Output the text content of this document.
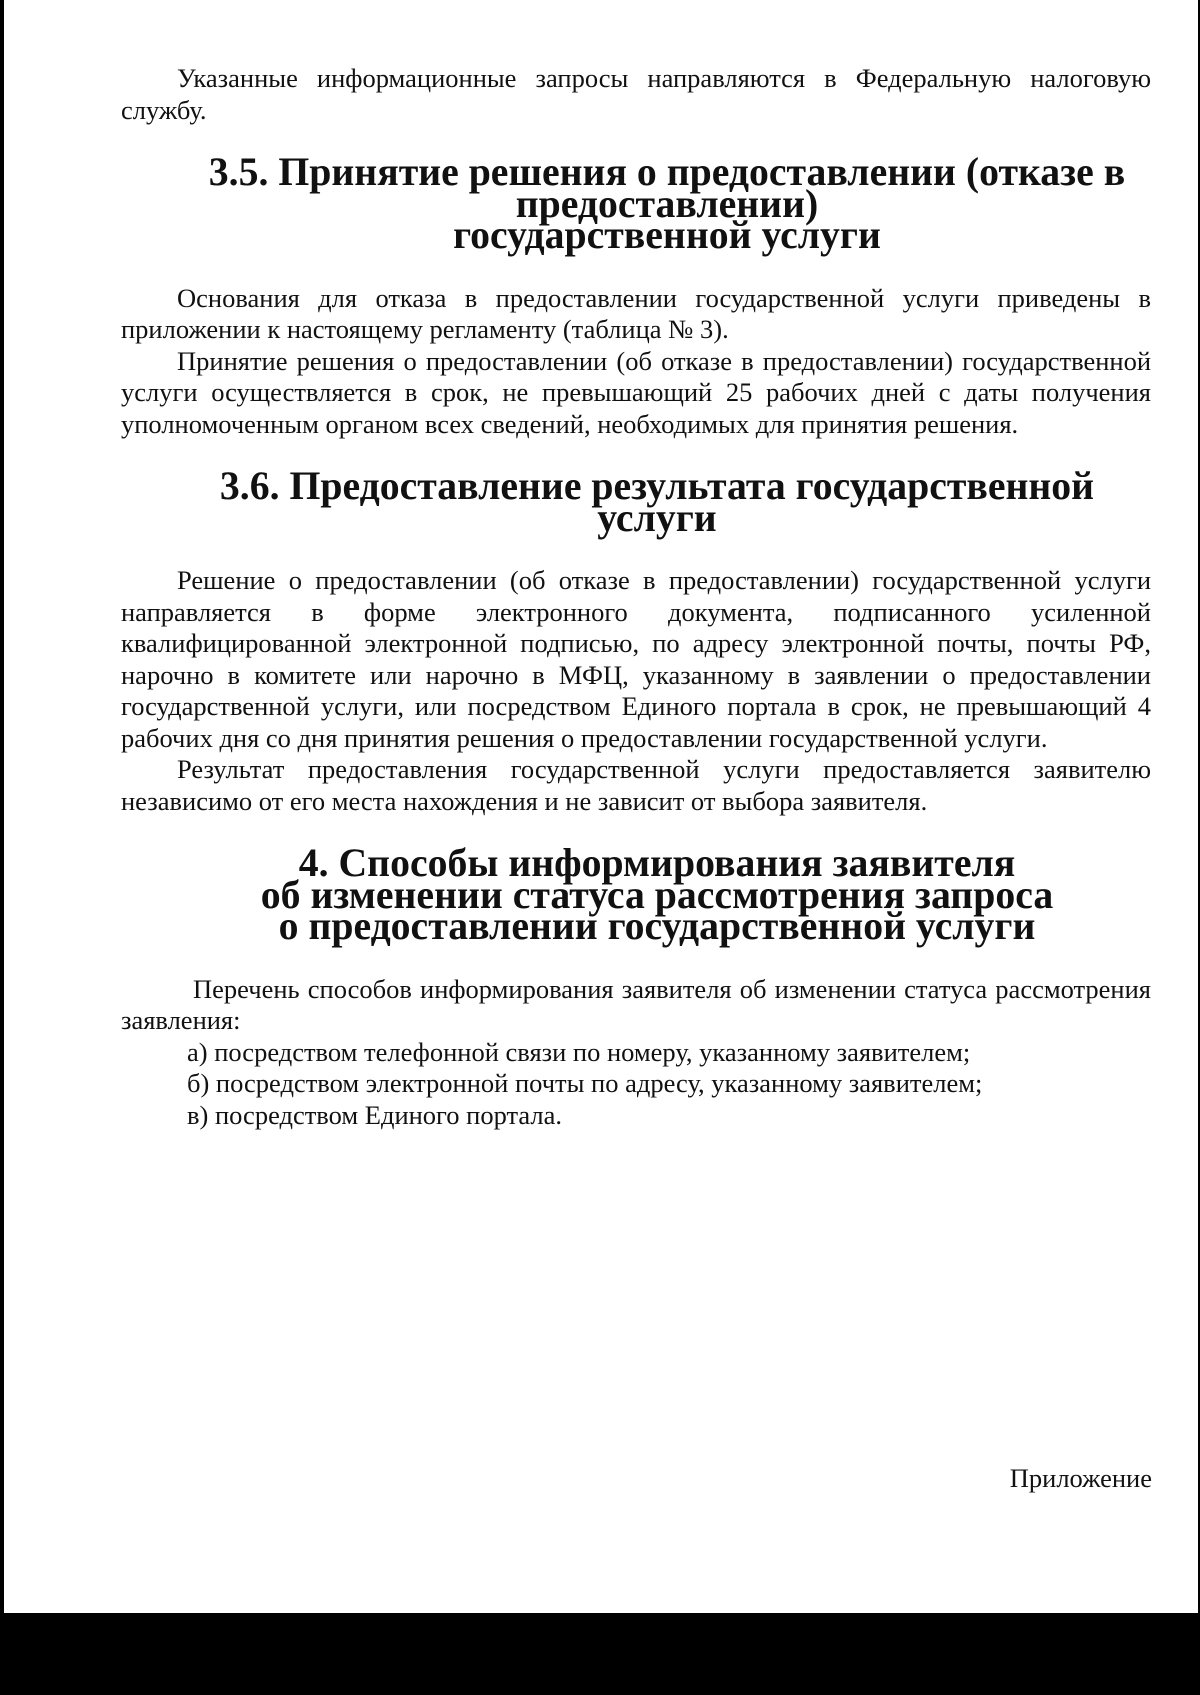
Указанные информационные запросы направляются в Федеральную налоговую службу.

3.5. Принятие решения о предоставлении (отказе в предоставлении)
государственной услуги

Основания для отказа в предоставлении государственной услуги приведены в приложении к настоящему регламенту (таблица № 3).

Принятие решения о предоставлении (об отказе в предоставлении) государственной услуги осуществляется в срок, не превышающий 25 рабочих дней с даты получения уполномоченным органом всех сведений, необходимых для принятия решения.

3.6. Предоставление результата государственной услуги

Решение о предоставлении (об отказе в предоставлении) государственной услуги направляется в форме электронного документа, подписанного усиленной квалифицированной электронной подписью, по адресу электронной почты, почты РФ, нарочно в комитете или нарочно в МФЦ, указанному в заявлении о предоставлении государственной услуги, или посредством Единого портала в срок, не превышающий 4 рабочих дня со дня принятия решения о предоставлении государственной услуги.

Результат предоставления государственной услуги предоставляется заявителю независимо от его места нахождения и не зависит от выбора заявителя.

4. Способы информирования заявителя
об изменении статуса рассмотрения запроса
о предоставлении государственной услуги

Перечень способов информирования заявителя об изменении статуса рассмотрения заявления:

а) посредством телефонной связи по номеру, указанному заявителем;
б) посредством электронной почты по адресу, указанному заявителем;
в) посредством Единого портала.
Приложение
